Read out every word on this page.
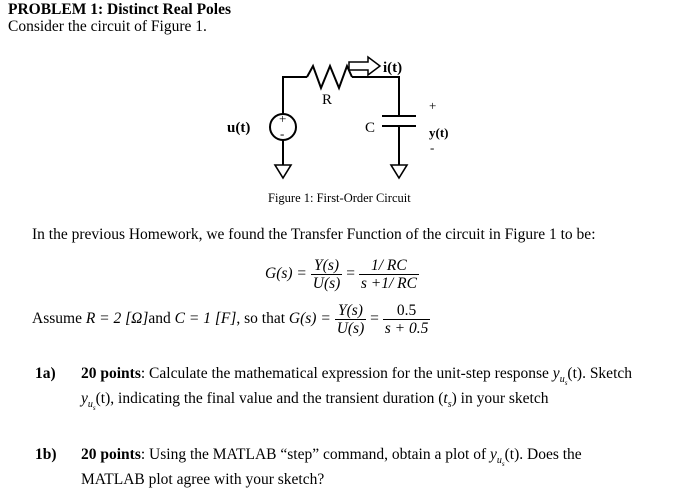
PROBLEM 1: Distinct Real Poles
Consider the circuit of Figure 1.
i(t)
R
C
u(t)
+
-
+
y(t)
-
Figure 1: First-Order Circuit
In the previous Homework, we found the Transfer Function of the circuit in Figure 1 to be:
$G(s) = \frac{Y(s)}{U(s)} = \frac{1/ RC}{s +1/ RC}$
Assume R = 2 [Ω]and C = 1 [F], so that $G(s) = \frac{Y(s)}{U(s)} = \frac{0.5}{s + 0.5}$
1a) 20 points: Calculate the mathematical expression for the unit-step response $y_{u_s}(t)$. Sketch
$y_{u_s}(t)$, indicating the final value and the transient duration $(t_s)$ in your sketch
1b) 20 points: Using the MATLAB “step” command, obtain a plot of $y_{u_s}(t)$. Does the
MATLAB plot agree with your sketch?
